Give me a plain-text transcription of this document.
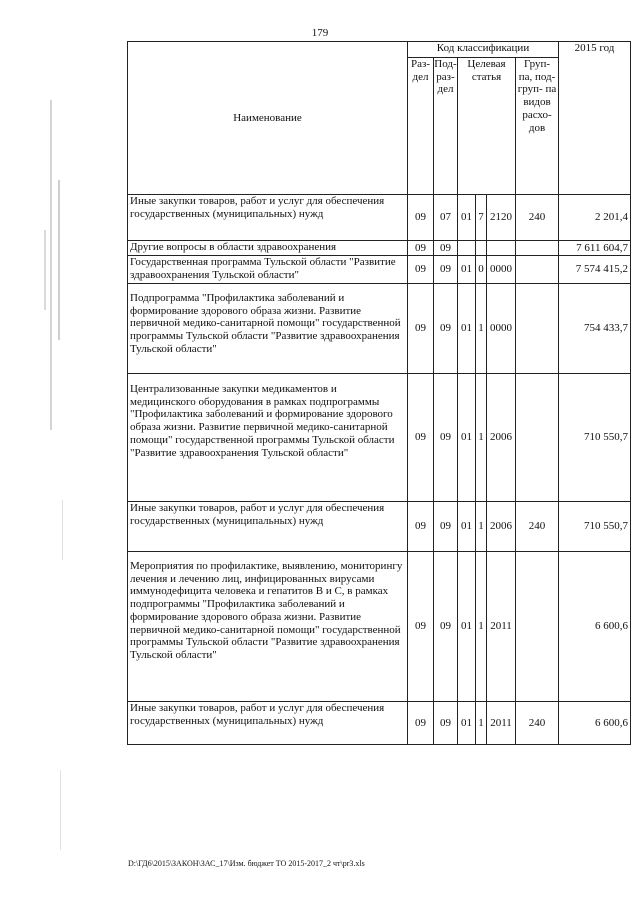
179
Наименование	Код классификации						2015 год
	Раз- дел	Под- раз- дел	Целевая статья			Груп- па, под- груп- па видов расхо- дов	
Иные закупки товаров, работ и услуг для обеспечения государственных (муниципальных) нужд	09	07	01	7	2120	240	2 201,4
Другие вопросы в области здравоохранения	09	09					7 611 604,7
Государственная программа Тульской области "Развитие здравоохранения Тульской области"	09	09	01	0	0000		7 574 415,2
Подпрограмма "Профилактика заболеваний и формирование здорового образа жизни. Развитие первичной медико-санитарной помощи" государственной программы Тульской области "Развитие здравоохранения Тульской области"	09	09	01	1	0000		754 433,7
Централизованные закупки медикаментов и медицинского оборудования в рамках подпрограммы "Профилактика заболеваний и формирование здорового образа жизни. Развитие первичной медико-санитарной помощи" государственной программы Тульской области "Развитие здравоохранения Тульской области"	09	09	01	1	2006		710 550,7
Иные закупки товаров, работ и услуг для обеспечения государственных (муниципальных) нужд	09	09	01	1	2006	240	710 550,7
Мероприятия по профилактике, выявлению, мониторингу лечения и лечению лиц, инфицированных вирусами иммунодефицита человека и гепатитов В и С, в рамках подпрограммы "Профилактика заболеваний и формирование здорового образа жизни. Развитие первичной медико-санитарной помощи" государственной программы Тульской области "Развитие здравоохранения Тульской области"	09	09	01	1	2011		6 600,6
Иные закупки товаров, работ и услуг для обеспечения государственных (муниципальных) нужд	09	09	01	1	2011	240	6 600,6
D:\ГД6\2015\ЗАКОН\ЗАС_17\Изм. бюджет ТО 2015-2017_2 чт\pr3.xls
